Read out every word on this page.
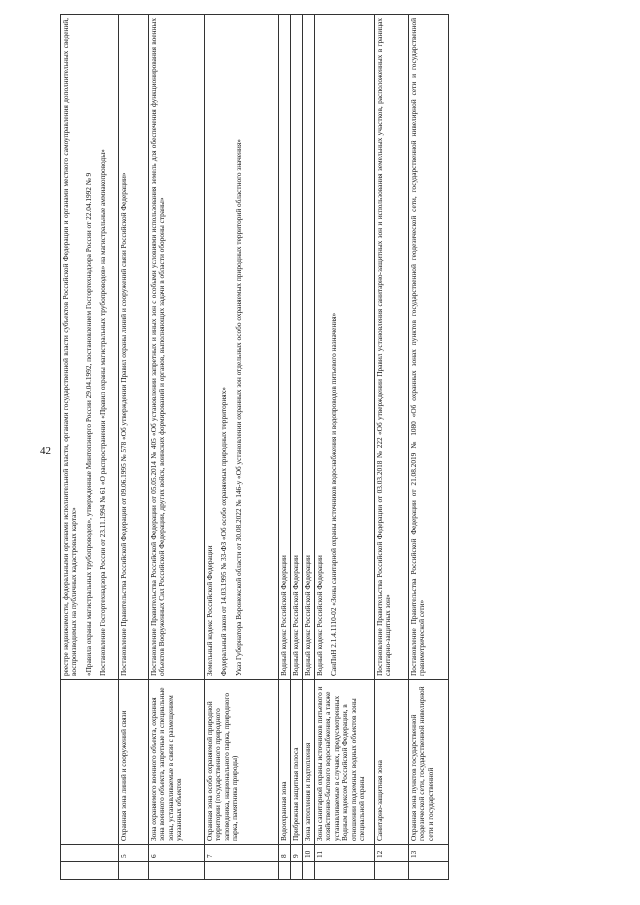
42

			реестре недвижимости, федеральными органами исполнительной власти, органами государственной власти субъектов Российской Федерации и органами местного самоуправления дополнительных сведений, воспроизводимых на публичных кадастровых картах» «Правила охраны магистральных трубопроводов», утвержденные Минтопэнерго России 29.04.1992, постановлением Госгортехнадзора России от 22.04.1992 № 9 Постановление Госгортехнадзора России от 23.11.1994 № 61 «О распространении «Правил охраны магистральных трубопроводов» на магистральные аммиакопроводы»

	5	Охранная зона линий и сооружений связи	Постановление Правительства Российской Федерации от 09.06.1995 № 578 «Об утверждении Правил охраны линий и сооружений связи Российской Федерации»

	6	Зона охраняемого военного объекта, охранная зона военного объекта, запретные и специальные зоны, устанавливаемые в связи с размещением указанных объектов	Постановление Правительства Российской Федерации от 05.05.2014 № 405 «Об установлении запретных и иных зон с особыми условиями использования земель для обеспечения функционирования военных объектов Вооруженных Сил Российской Федерации, других войск, воинских формирований и органов, выполняющих задачи в области обороны страны»

	7	Охранная зона особо охраняемой природной территории (государственного природного заповедника, национального парка, природного парка, памятника природы)	Земельный кодекс Российской Федерации Федеральный закон от 14.03.1995 № 33-ФЗ «Об особо охраняемых природных территориях» Указ Губернатора Воронежской области от 30.08.2022 № 146-у «Об установлении охранных зон отдельных особо охраняемых природных территорий областного значения»

	8	Водоохранная зона	Водный кодекс Российской Федерации

	9	Прибрежная защитная полоса	Водный кодекс Российской Федерации

	10	Зона затопления и подтопления	Водный кодекс Российской Федерации

	11	Зоны санитарной охраны источников питьевого и хозяйственно-бытового водоснабжения, а также устанавливаемые в случаях, предусмотренных Водным кодексом Российской Федерации, в отношении подземных водных объектов зоны специальной охраны	Водный кодекс Российской Федерации СанПиН 2.1.4.1110-02 «Зоны санитарной охраны источников водоснабжения и водопроводов питьевого назначения»

	12	Санитарно-защитная зона	Постановление Правительства Российской Федерации от 03.03.2018 № 222 «Об утверждении Правил установления санитарно-защитных зон и использования земельных участков, расположенных в границах санитарно-защитных зон»

	13	Охранная зона пунктов государственной геодезической сети, государственной нивелирной сети и государственной	Постановление Правительства Российской Федерации от 21.08.2019 № 1080 «Об охранных зонах пунктов государственной геодезической сети, государственной нивелирной сети и государственной гравиметрической сети»
